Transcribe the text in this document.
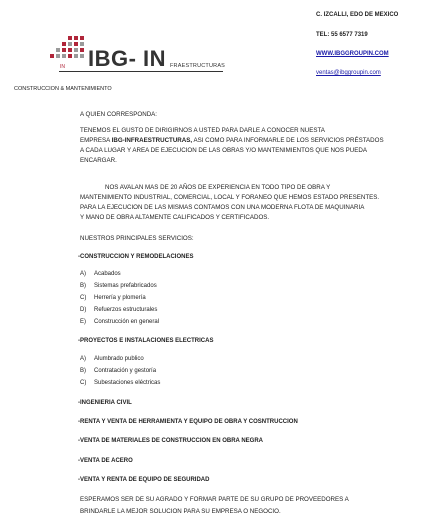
IN IBG- IN FRAESTRUCTURAS
CONSTRUCCION & MANTENIMIENTO
C. IZCALLI, EDO DE MEXICO
TEL: 55 6577 7319
WWW.IBGGROUPIN.COM
ventas@ibggroupin.com
A QUIEN CORRESPONDA:
TENEMOS EL GUSTO DE DIRIGIRNOS A USTED PARA DARLE A CONOCER NUESTA
EMPRESA IBG-INFRAESTRUCTURAS, ASI COMO PARA INFORMARLE DE LOS SERVICIOS PRÉSTADOS
A CADA LUGAR Y AREA DE EJECUCION DE LAS OBRAS Y/O MANTENIMIENTOS QUE NOS PUEDA
ENCARGAR.
NOS AVALAN MAS DE 20 AÑOS DE EXPERIENCIA EN TODO TIPO DE OBRA Y
MANTENIMIENTO INDUSTRIAL, COMERCIAL, LOCAL Y FORANEO QUE HEMOS ESTADO PRESENTES.
PARA LA EJECUCION DE LAS MISMAS CONTAMOS CON UNA MODERNA FLOTA DE MAQUINARIA
Y MANO DE OBRA ALTAMENTE CALIFICADOS Y CERTIFICADOS.
NUESTROS PRINCIPALES SERVICIOS:
-CONSTRUCCION Y REMODELACIONES
A) Acabados
B) Sistemas prefabricados
C) Herrería y plomería
D) Refuerzos estructurales
E) Construcción en general
-PROYECTOS E INSTALACIONES ELECTRICAS
A) Alumbrado publico
B) Contratación y gestoría
C) Subestaciones eléctricas
-INGENIERIA CIVIL
-RENTA Y VENTA DE HERRAMIENTA Y EQUIPO DE OBRA Y COSNTRUCCION
-VENTA DE MATERIALES DE CONSTRUCCION EN OBRA NEGRA
-VENTA DE ACERO
-VENTA Y RENTA DE EQUIPO DE SEGURIDAD
ESPERAMOS SER DE SU AGRADO Y FORMAR PARTE DE SU GRUPO DE PROVEEDORES A
BRINDARLE LA MEJOR SOLUCION PARA SU EMPRESA O NEGOCIO.
